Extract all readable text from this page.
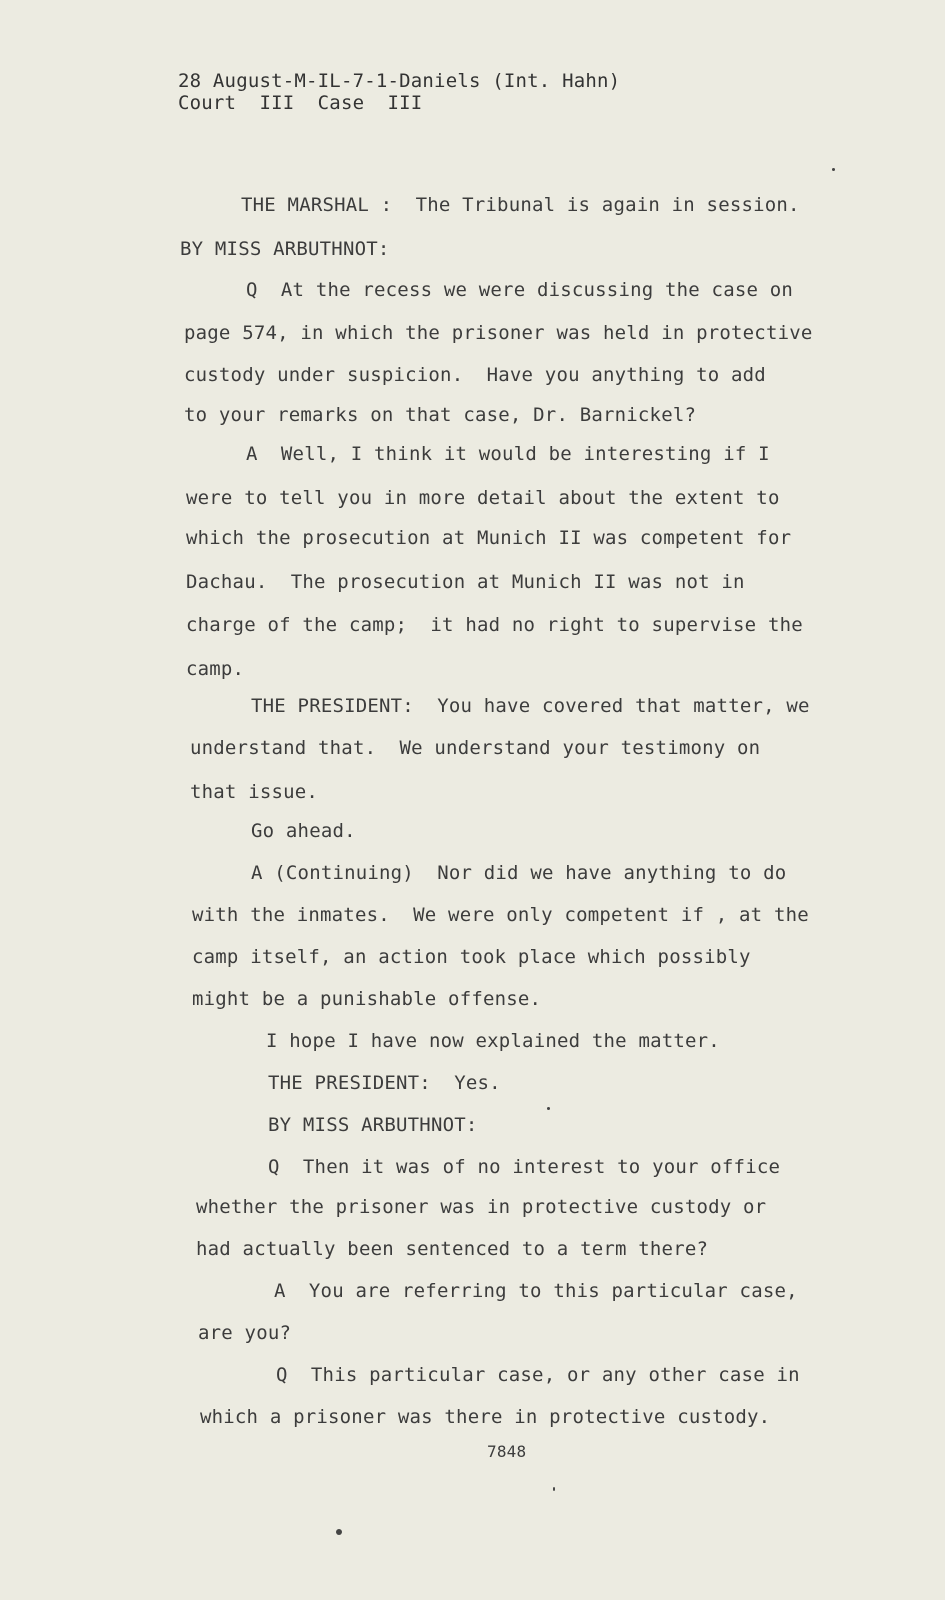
28 August-M-IL-7-1-Daniels (Int. Hahn)
Court  III  Case  III
THE MARSHAL :  The Tribunal is again in session.
BY MISS ARBUTHNOT:
Q  At the recess we were discussing the case on
page 574, in which the prisoner was held in protective
custody under suspicion.  Have you anything to add
to your remarks on that case, Dr. Barnickel?
A  Well, I think it would be interesting if I
were to tell you in more detail about the extent to
which the prosecution at Munich II was competent for
Dachau.  The prosecution at Munich II was not in
charge of the camp;  it had no right to supervise the
camp.
THE PRESIDENT:  You have covered that matter, we
understand that.  We understand your testimony on
that issue.
Go ahead.
A (Continuing)  Nor did we have anything to do
with the inmates.  We were only competent if , at the
camp itself, an action took place which possibly
might be a punishable offense.
I hope I have now explained the matter.
THE PRESIDENT:  Yes.
BY MISS ARBUTHNOT:
Q  Then it was of no interest to your office
whether the prisoner was in protective custody or
had actually been sentenced to a term there?
A  You are referring to this particular case,
are you?
Q  This particular case, or any other case in
which a prisoner was there in protective custody.
7848
